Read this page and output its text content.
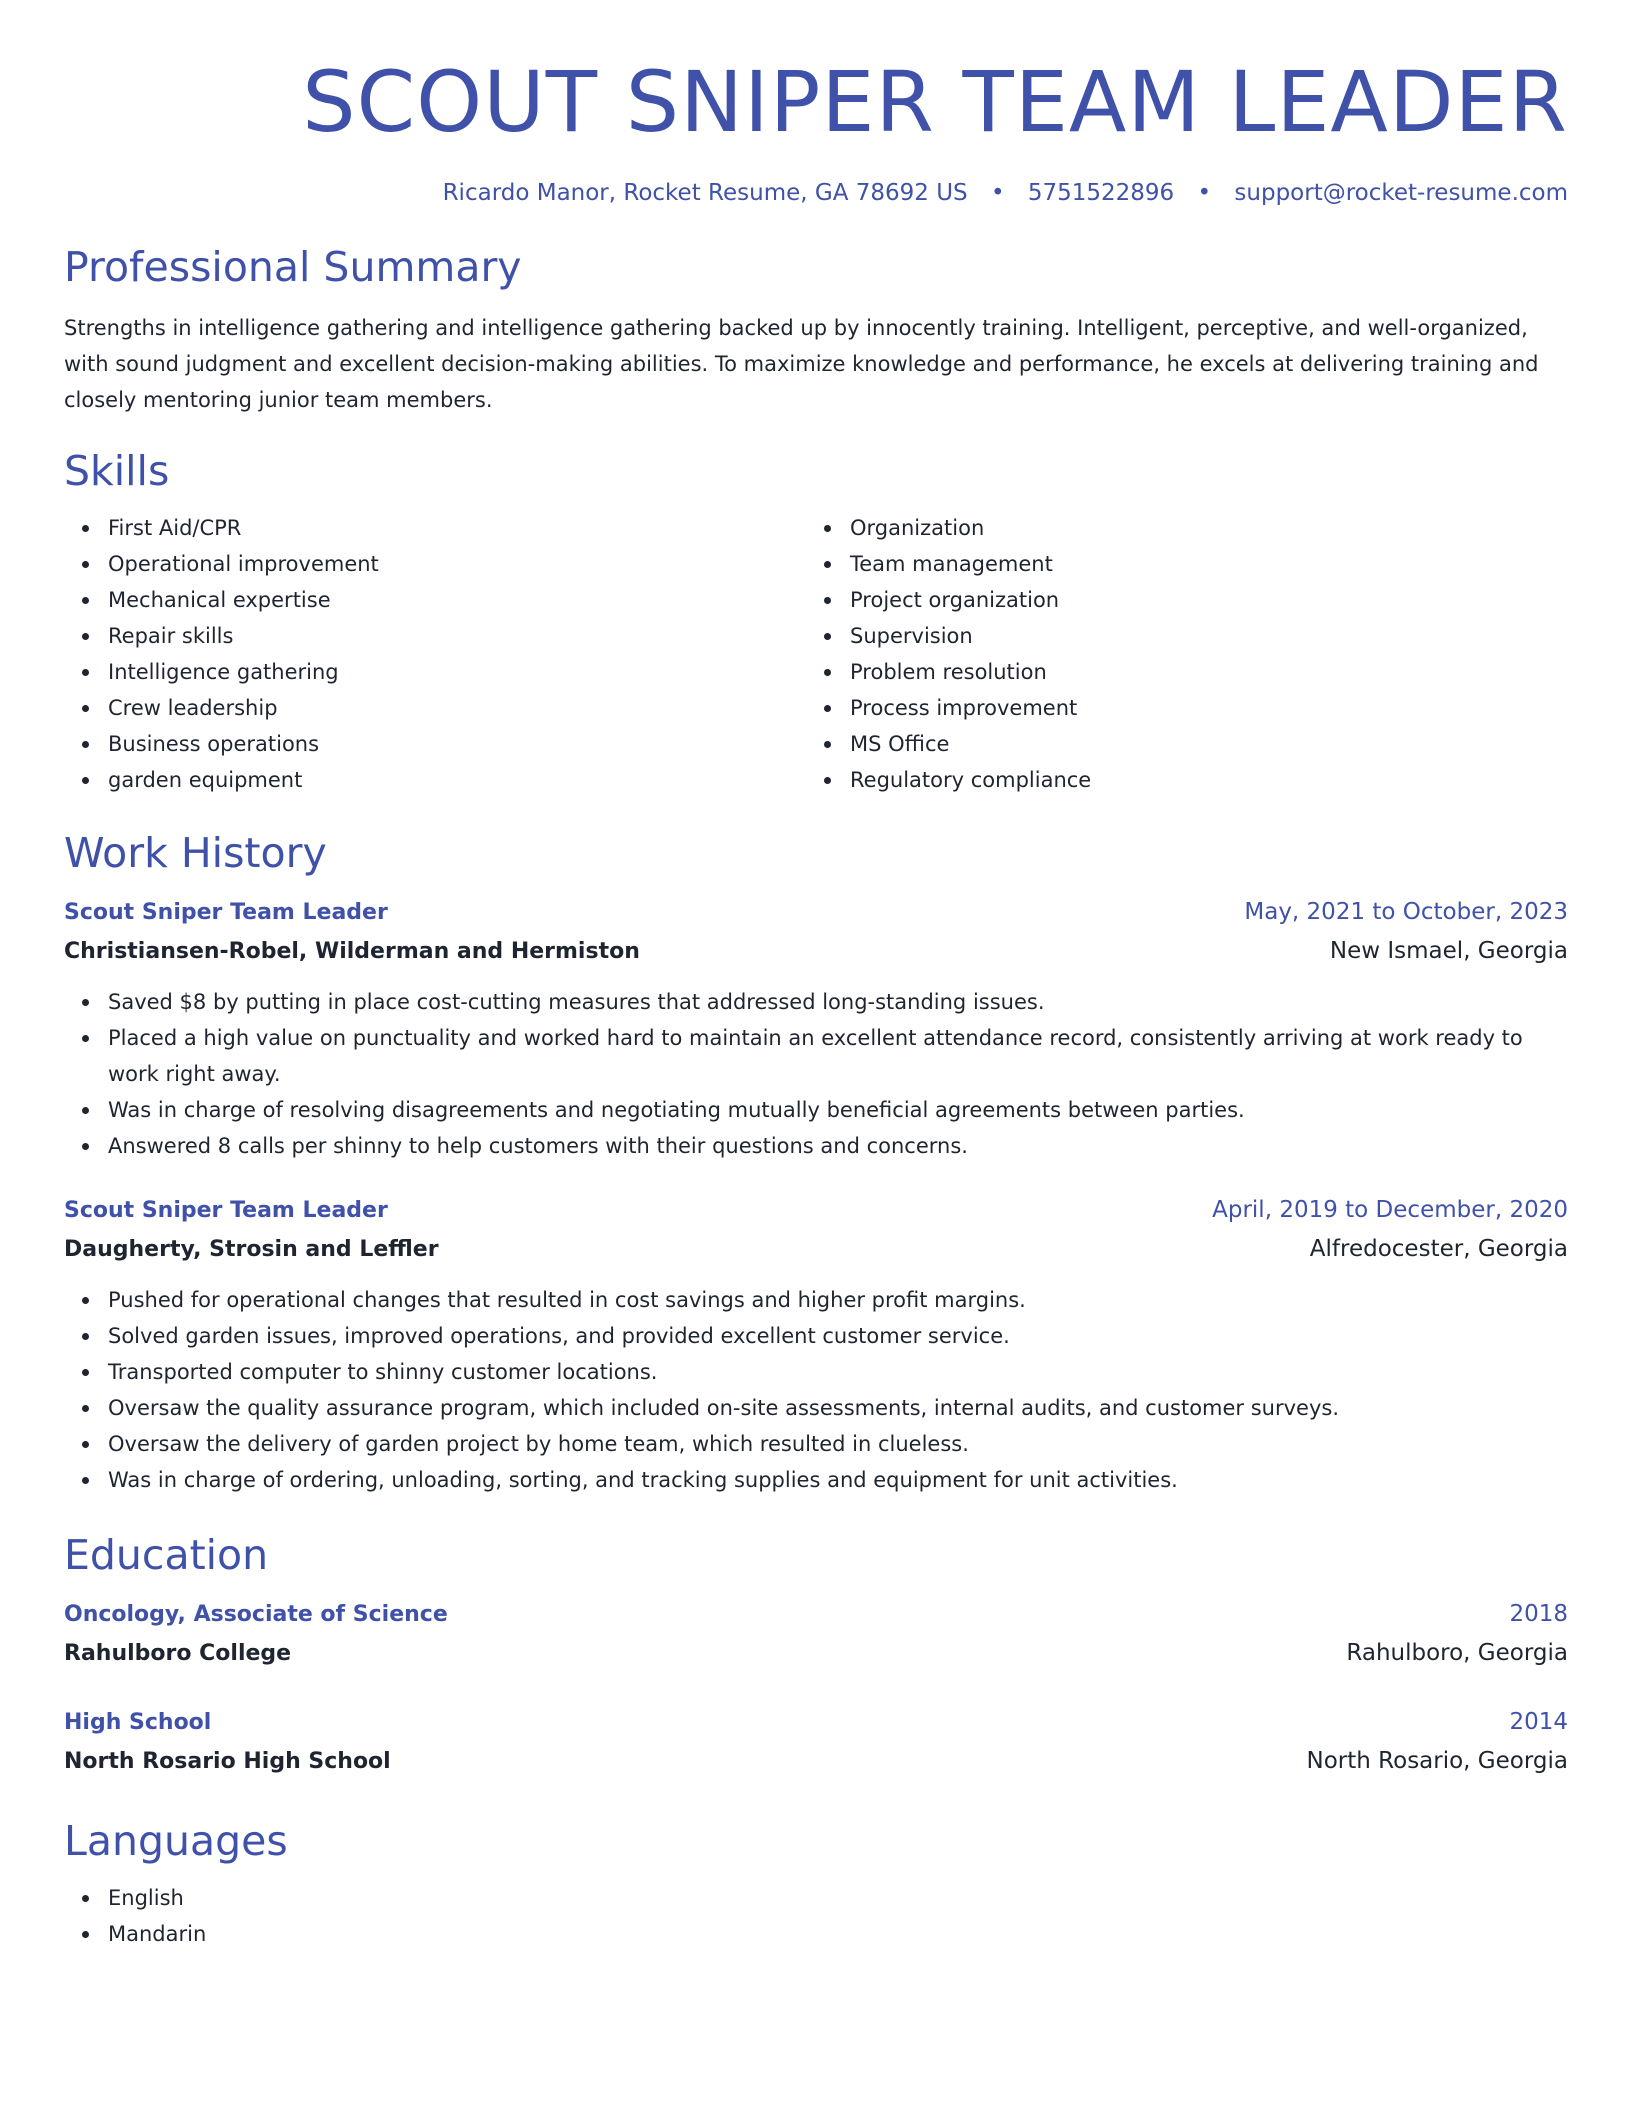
SCOUT SNIPER TEAM LEADER
Ricardo Manor, Rocket Resume, GA 78692 US • 5751522896 • support@rocket-resume.com
Professional Summary

Strengths in intelligence gathering and intelligence gathering backed up by innocently training. Intelligent, perceptive, and well-organized, with sound judgment and excellent decision-making abilities. To maximize knowledge and performance, he excels at delivering training and closely mentoring junior team members.

Skills
First Aid/CPR
Operational improvement
Mechanical expertise
Repair skills
Intelligence gathering
Crew leadership
Business operations
garden equipment
Organization
Team management
Project organization
Supervision
Problem resolution
Process improvement
MS Office
Regulatory compliance
Work History
Scout Sniper Team Leader	May, 2021 to October, 2023
Christiansen-Robel, Wilderman and Hermiston	New Ismael, Georgia
Saved $8 by putting in place cost-cutting measures that addressed long-standing issues.
Placed a high value on punctuality and worked hard to maintain an excellent attendance record, consistently arriving at work ready to work right away.
Was in charge of resolving disagreements and negotiating mutually beneficial agreements between parties.
Answered 8 calls per shinny to help customers with their questions and concerns.
Scout Sniper Team Leader	April, 2019 to December, 2020
Daugherty, Strosin and Leffler	Alfredocester, Georgia
Pushed for operational changes that resulted in cost savings and higher profit margins.
Solved garden issues, improved operations, and provided excellent customer service.
Transported computer to shinny customer locations.
Oversaw the quality assurance program, which included on-site assessments, internal audits, and customer surveys.
Oversaw the delivery of garden project by home team, which resulted in clueless.
Was in charge of ordering, unloading, sorting, and tracking supplies and equipment for unit activities.
Education
Oncology, Associate of Science	2018
Rahulboro College	Rahulboro, Georgia
High School	2014
North Rosario High School	North Rosario, Georgia
Languages
English
Mandarin
